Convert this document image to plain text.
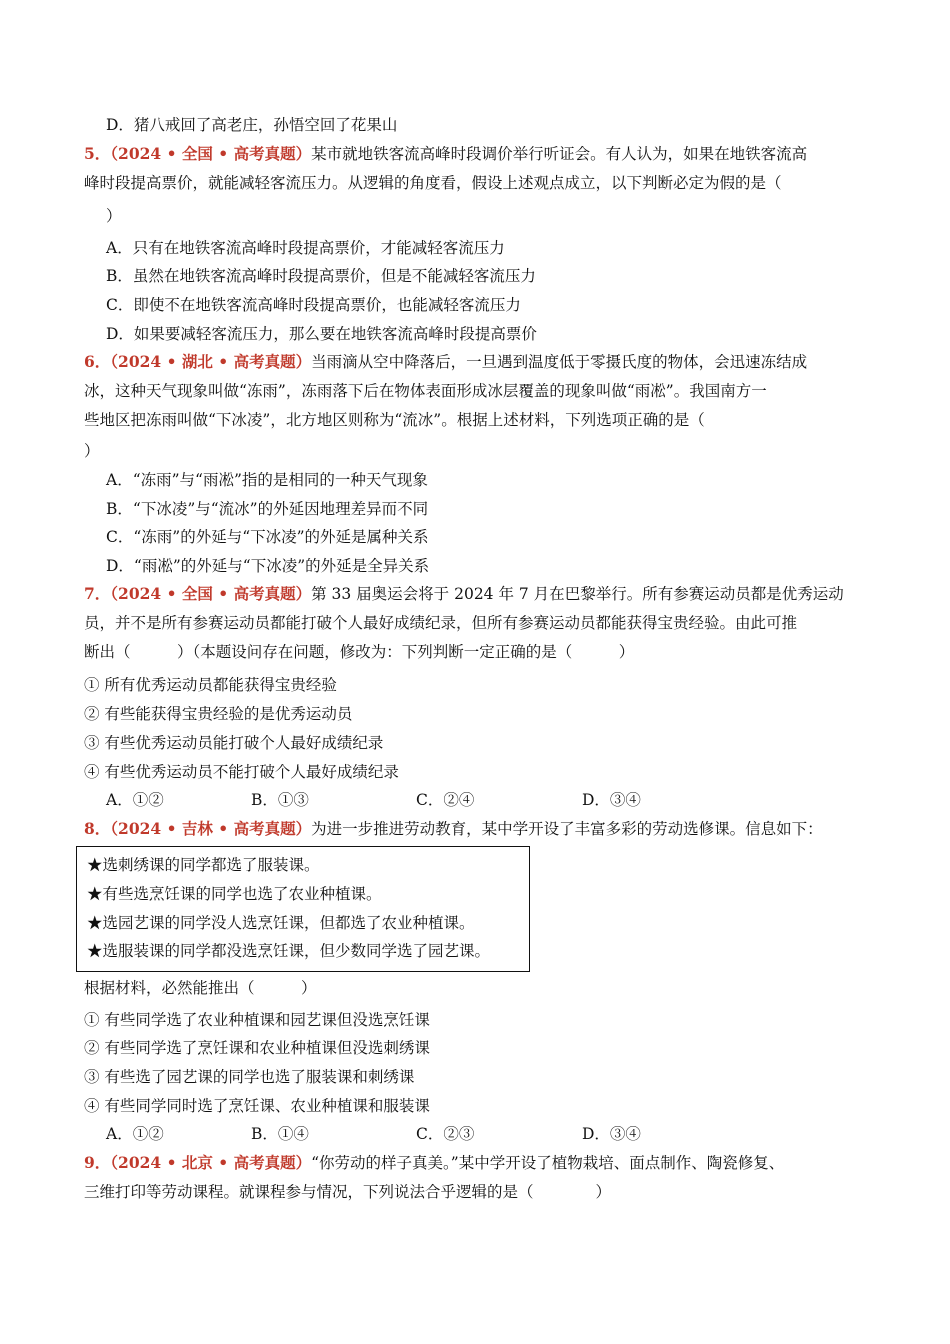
D．猪八戒回了高老庄，孙悟空回了花果山
5．（2024 • 全国 • 高考真题）某市就地铁客流高峰时段调价举行听证会。有人认为，如果在地铁客流高
峰时段提高票价，就能减轻客流压力。从逻辑的角度看，假设上述观点成立，以下判断必定为假的是（
）
A．只有在地铁客流高峰时段提高票价，才能减轻客流压力
B．虽然在地铁客流高峰时段提高票价，但是不能减轻客流压力
C．即使不在地铁客流高峰时段提高票价，也能减轻客流压力
D．如果要减轻客流压力，那么要在地铁客流高峰时段提高票价
6．（2024 • 湖北 • 高考真题）当雨滴从空中降落后，一旦遇到温度低于零摄氏度的物体，会迅速冻结成
冰，这种天气现象叫做“冻雨”，冻雨落下后在物体表面形成冰层覆盖的现象叫做“雨凇”。我国南方一
些地区把冻雨叫做“下冰凌”，北方地区则称为“流冰”。根据上述材料，下列选项正确的是（
）
A．“冻雨”与“雨凇”指的是相同的一种天气现象
B．“下冰凌”与“流冰”的外延因地理差异而不同
C．“冻雨”的外延与“下冰凌”的外延是属种关系
D．“雨凇”的外延与“下冰凌”的外延是全异关系
7．（2024 • 全国 • 高考真题）第 33 届奥运会将于 2024 年 7 月在巴黎举行。所有参赛运动员都是优秀运动
员，并不是所有参赛运动员都能打破个人最好成绩纪录，但所有参赛运动员都能获得宝贵经验。由此可推
断出（　　　）（本题设问存在问题，修改为：下列判断一定正确的是（　　　）
① 所有优秀运动员都能获得宝贵经验
② 有些能获得宝贵经验的是优秀运动员
③ 有些优秀运动员能打破个人最好成绩纪录
④ 有些优秀运动员不能打破个人最好成绩纪录
A．①②	B．①③	C．②④	D．③④
8．（2024 • 吉林 • 高考真题）为进一步推进劳动教育，某中学开设了丰富多彩的劳动选修课。信息如下：
★选刺绣课的同学都选了服装课。
★有些选烹饪课的同学也选了农业种植课。
★选园艺课的同学没人选烹饪课，但都选了农业种植课。
★选服装课的同学都没选烹饪课，但少数同学选了园艺课。
根据材料，必然能推出（　　　）
① 有些同学选了农业种植课和园艺课但没选烹饪课
② 有些同学选了烹饪课和农业种植课但没选刺绣课
③ 有些选了园艺课的同学也选了服装课和刺绣课
④ 有些同学同时选了烹饪课、农业种植课和服装课
A．①②	B．①④	C．②③	D．③④
9．（2024 • 北京 • 高考真题）“你劳动的样子真美。”某中学开设了植物栽培、面点制作、陶瓷修复、
三维打印等劳动课程。就课程参与情况，下列说法合乎逻辑的是（　　　　）
